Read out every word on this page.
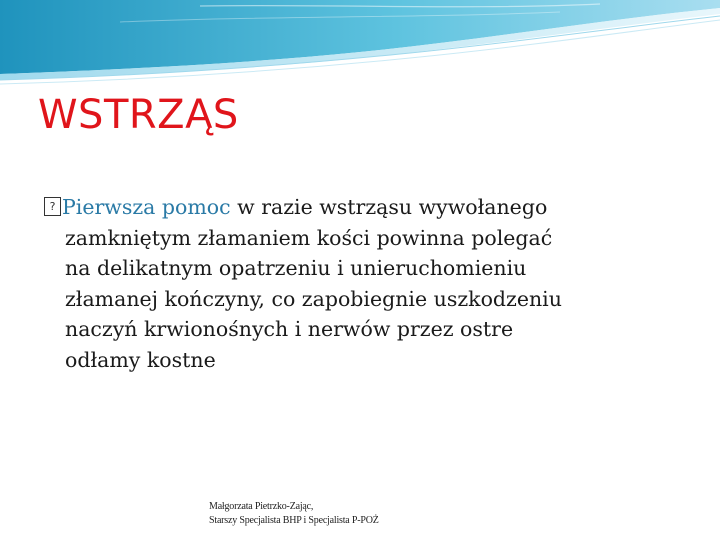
WSTRZĄS
?
Pierwsza pomoc w razie wstrząsu wywołanego
zamkniętym złamaniem kości powinna polegać
na delikatnym opatrzeniu i unieruchomieniu
złamanej kończyny, co zapobiegnie uszkodzeniu
naczyń krwionośnych i nerwów przez ostre
odłamy kostne
Małgorzata Pietrzko-Zając,
Starszy Specjalista BHP i Specjalista P-POŻ
